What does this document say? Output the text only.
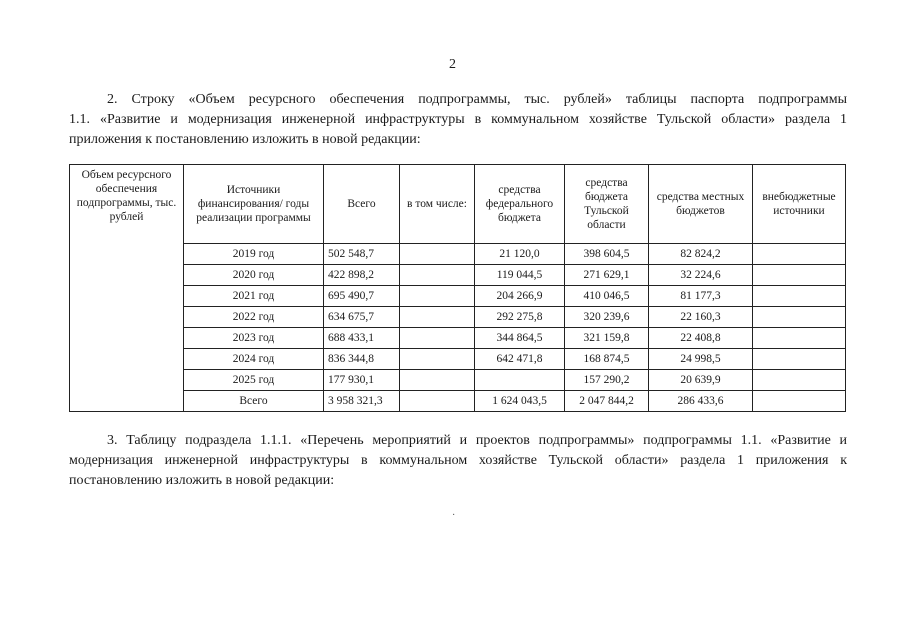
2
2. Строку «Объем ресурсного обеспечения подпрограммы, тыс. рублей» таблицы паспорта подпрограммы
1.1. «Развитие и модернизация инженерной инфраструктуры в коммунальном хозяйстве Тульской области» раздела 1
приложения к постановлению изложить в новой редакции:
Объем ресурсного обеспечения подпрограммы, тыс. рублей	Источники финансирования/ годы реализации программы	Всего	в том числе:	средства федерального бюджета	средства бюджета Тульской области	средства местных бюджетов	внебюджетные источники
	2019 год	502 548,7		21 120,0	398 604,5	82 824,2	
	2020 год	422 898,2		119 044,5	271 629,1	32 224,6	
	2021 год	695 490,7		204 266,9	410 046,5	81 177,3	
	2022 год	634 675,7		292 275,8	320 239,6	22 160,3	
	2023 год	688 433,1		344 864,5	321 159,8	22 408,8	
	2024 год	836 344,8		642 471,8	168 874,5	24 998,5	
	2025 год	177 930,1			157 290,2	20 639,9	
	Всего	3 958 321,3		1 624 043,5	2 047 844,2	286 433,6	
3. Таблицу подраздела 1.1.1. «Перечень мероприятий и проектов подпрограммы» подпрограммы 1.1. «Развитие и
модернизация инженерной инфраструктуры в коммунальном хозяйстве Тульской области» раздела 1 приложения к
постановлению изложить в новой редакции:
·
